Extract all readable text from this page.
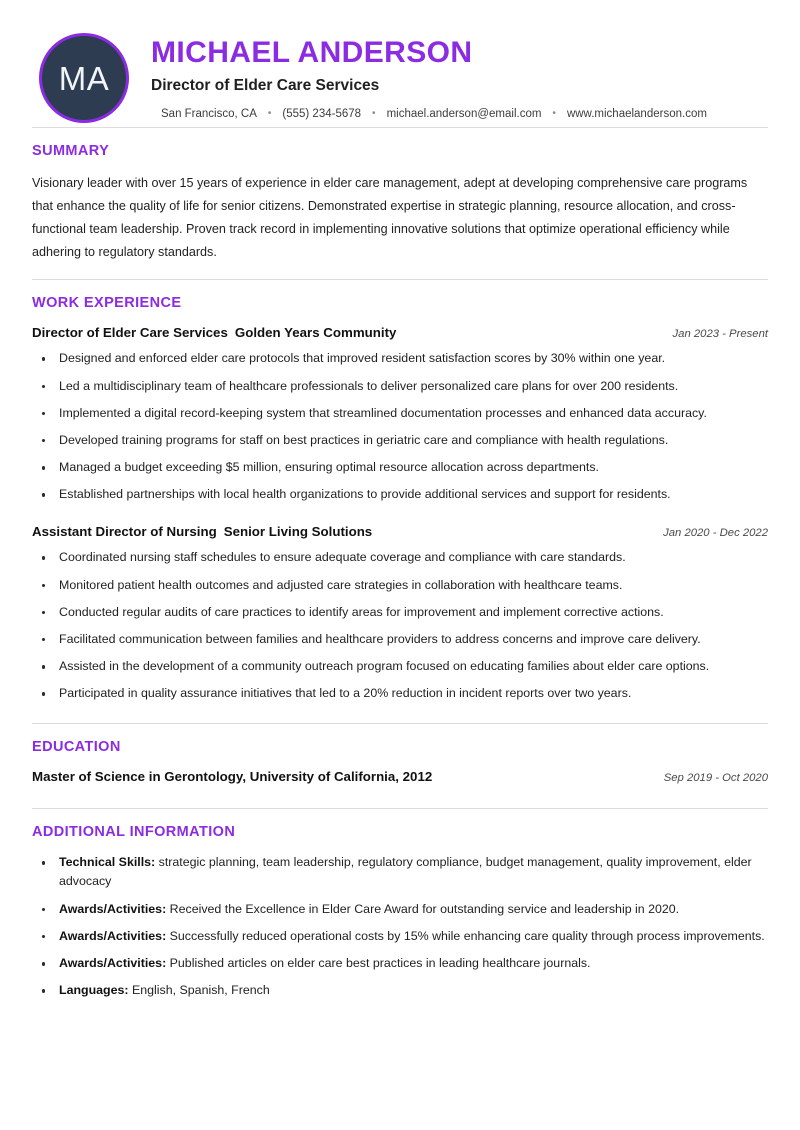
MA
MICHAEL ANDERSON
Director of Elder Care Services
San Francisco, CA • (555) 234-5678 • michael.anderson@email.com • www.michaelanderson.com
SUMMARY

Visionary leader with over 15 years of experience in elder care management, adept at developing comprehensive care programs that enhance the quality of life for senior citizens. Demonstrated expertise in strategic planning, resource allocation, and cross-functional team leadership. Proven track record in implementing innovative solutions that optimize operational efficiency while adhering to regulatory standards.

WORK EXPERIENCE
Director of Elder Care Services Golden Years Community	Jan 2023 - Present
Designed and enforced elder care protocols that improved resident satisfaction scores by 30% within one year.
Led a multidisciplinary team of healthcare professionals to deliver personalized care plans for over 200 residents.
Implemented a digital record-keeping system that streamlined documentation processes and enhanced data accuracy.
Developed training programs for staff on best practices in geriatric care and compliance with health regulations.
Managed a budget exceeding $5 million, ensuring optimal resource allocation across departments.
Established partnerships with local health organizations to provide additional services and support for residents.
Assistant Director of Nursing Senior Living Solutions	Jan 2020 - Dec 2022
Coordinated nursing staff schedules to ensure adequate coverage and compliance with care standards.
Monitored patient health outcomes and adjusted care strategies in collaboration with healthcare teams.
Conducted regular audits of care practices to identify areas for improvement and implement corrective actions.
Facilitated communication between families and healthcare providers to address concerns and improve care delivery.
Assisted in the development of a community outreach program focused on educating families about elder care options.
Participated in quality assurance initiatives that led to a 20% reduction in incident reports over two years.
EDUCATION
Master of Science in Gerontology, University of California, 2012	Sep 2019 - Oct 2020
ADDITIONAL INFORMATION
Technical Skills: strategic planning, team leadership, regulatory compliance, budget management, quality improvement, elder advocacy
Awards/Activities: Received the Excellence in Elder Care Award for outstanding service and leadership in 2020.
Awards/Activities: Successfully reduced operational costs by 15% while enhancing care quality through process improvements.
Awards/Activities: Published articles on elder care best practices in leading healthcare journals.
Languages: English, Spanish, French
